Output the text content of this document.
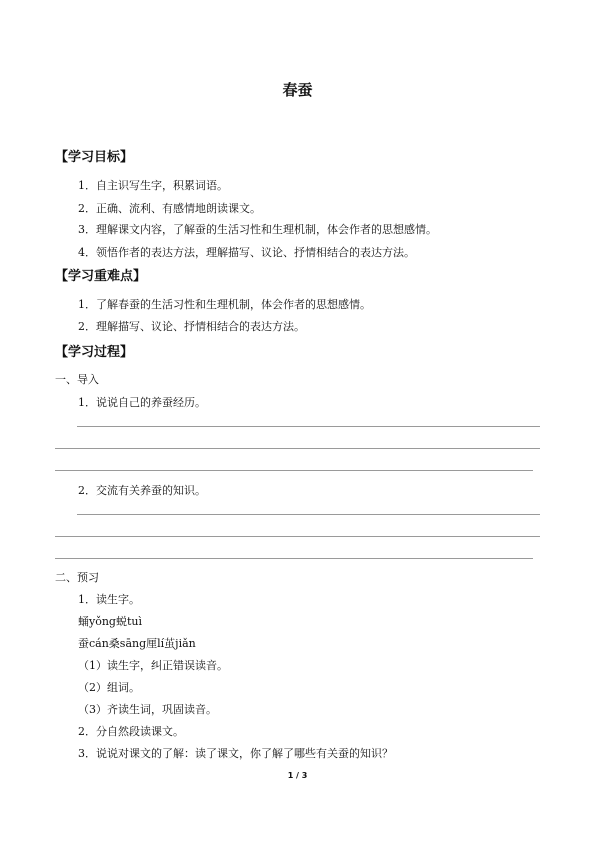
春蚕
【学习目标】
1．自主识写生字，积累词语。
2．正确、流利、有感情地朗读课文。
3．理解课文内容，了解蚕的生活习性和生理机制，体会作者的思想感情。
4．领悟作者的表达方法，理解描写、议论、抒情相结合的表达方法。
【学习重难点】
1．了解春蚕的生活习性和生理机制，体会作者的思想感情。
2．理解描写、议论、抒情相结合的表达方法。
【学习过程】
一、导入
1．说说自己的养蚕经历。
2．交流有关养蚕的知识。
二、预习
1．读生字。
蛹yǒng蜕tuì
蚕cán桑sāng厘lí茧jiǎn
（1）读生字，纠正错误读音。
（2）组词。
（3）齐读生词，巩固读音。
2．分自然段读课文。
3．说说对课文的了解：读了课文，你了解了哪些有关蚕的知识？
1 / 3
